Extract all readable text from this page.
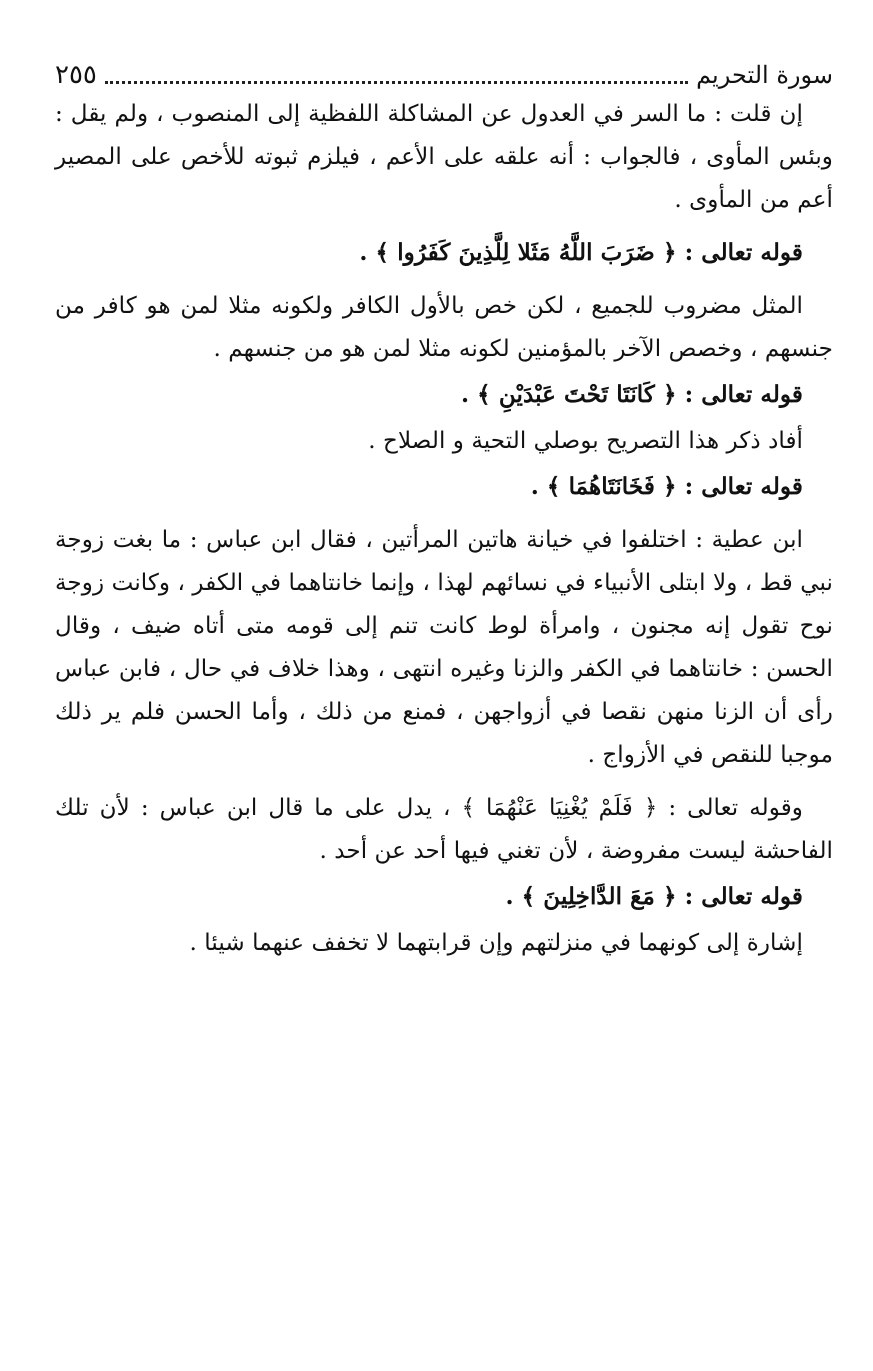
سورة التحريم
٢٥٥

إن قلت : ما السر في العدول عن المشاكلة اللفظية إلى المنصوب ، ولم يقل : وبئس المأوى ، فالجواب : أنه علقه على الأعم ، فيلزم ثبوته للأخص على المصير أعم من المأوى .

قوله تعالى : ﴿ ضَرَبَ اللَّهُ مَثَلا لِلَّذِينَ كَفَرُوا ﴾ .

المثل مضروب للجميع ، لكن خص بالأول الكافر ولكونه مثلا لمن هو كافر من جنسهم ، وخصص الآخر بالمؤمنين لكونه مثلا لمن هو من جنسهم .

قوله تعالى : ﴿ كَانَتَا تَحْتَ عَبْدَيْنِ ﴾ .

أفاد ذكر هذا التصريح بوصلي التحية و الصلاح .

قوله تعالى : ﴿ فَخَانَتَاهُمَا ﴾ .

ابن عطية : اختلفوا في خيانة هاتين المرأتين ، فقال ابن عباس : ما بغت زوجة نبي قط ، ولا ابتلى الأنبياء في نسائهم لهذا ، وإنما خانتاهما في الكفر ، وكانت زوجة نوح تقول إنه مجنون ، وامرأة لوط كانت تنم إلى قومه متى أتاه ضيف ، وقال الحسن : خانتاهما في الكفر والزنا وغيره انتهى ، وهذا خلاف في حال ، فابن عباس رأى أن الزنا منهن نقصا في أزواجهن ، فمنع من ذلك ، وأما الحسن فلم ير ذلك موجبا للنقص في الأزواج .

وقوله تعالى : ﴿ فَلَمْ يُغْنِيَا عَنْهُمَا ﴾ ، يدل على ما قال ابن عباس : لأن تلك الفاحشة ليست مفروضة ، لأن تغني فيها أحد عن أحد .

قوله تعالى : ﴿ مَعَ الدَّاخِلِينَ ﴾ .

إشارة إلى كونهما في منزلتهم وإن قرابتهما لا تخفف عنهما شيئا .
